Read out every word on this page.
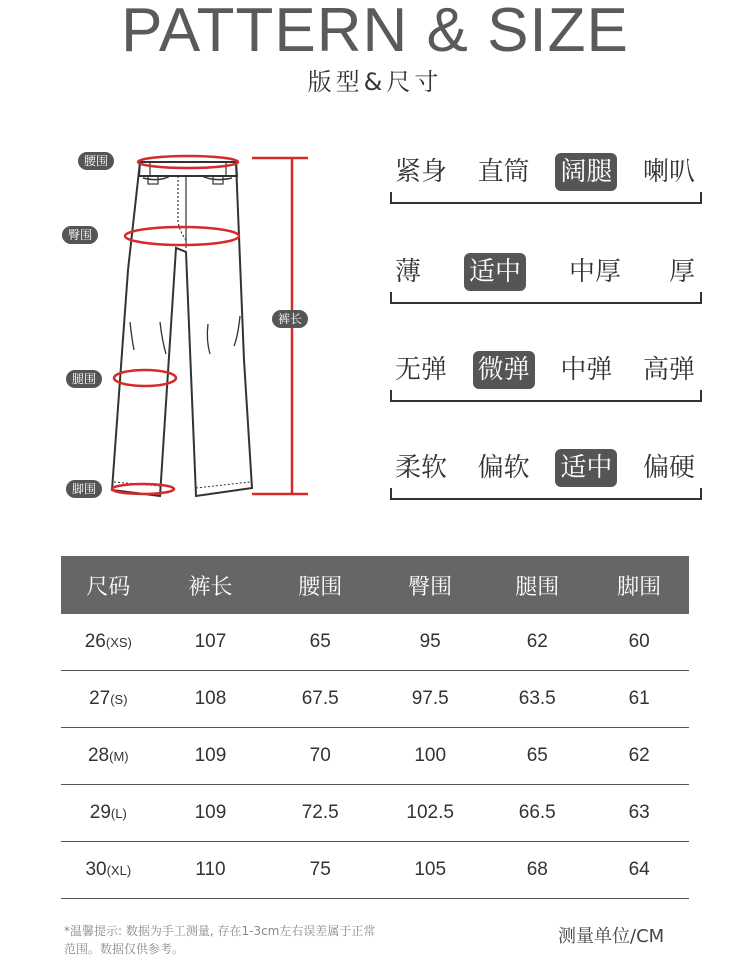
PATTERN & SIZE
版型&尺寸
腰围
臀围
腿围
脚围
裤长
紧身 直筒 阔腿 喇叭
薄 适中 中厚 厚
无弹 微弹 中弹 高弹
柔软 偏软 适中 偏硬
尺码	裤长	腰围	臀围	腿围	脚围
26(XS)	107	65	95	62	60
27(S)	108	67.5	97.5	63.5	61
28(M)	109	70	100	65	62
29(L)	109	72.5	102.5	66.5	63
30(XL)	110	75	105	68	64
*温馨提示: 数据为手工测量, 存在1-3cm左右误差属于正常范围。数据仅供参考。
测量单位/CM
